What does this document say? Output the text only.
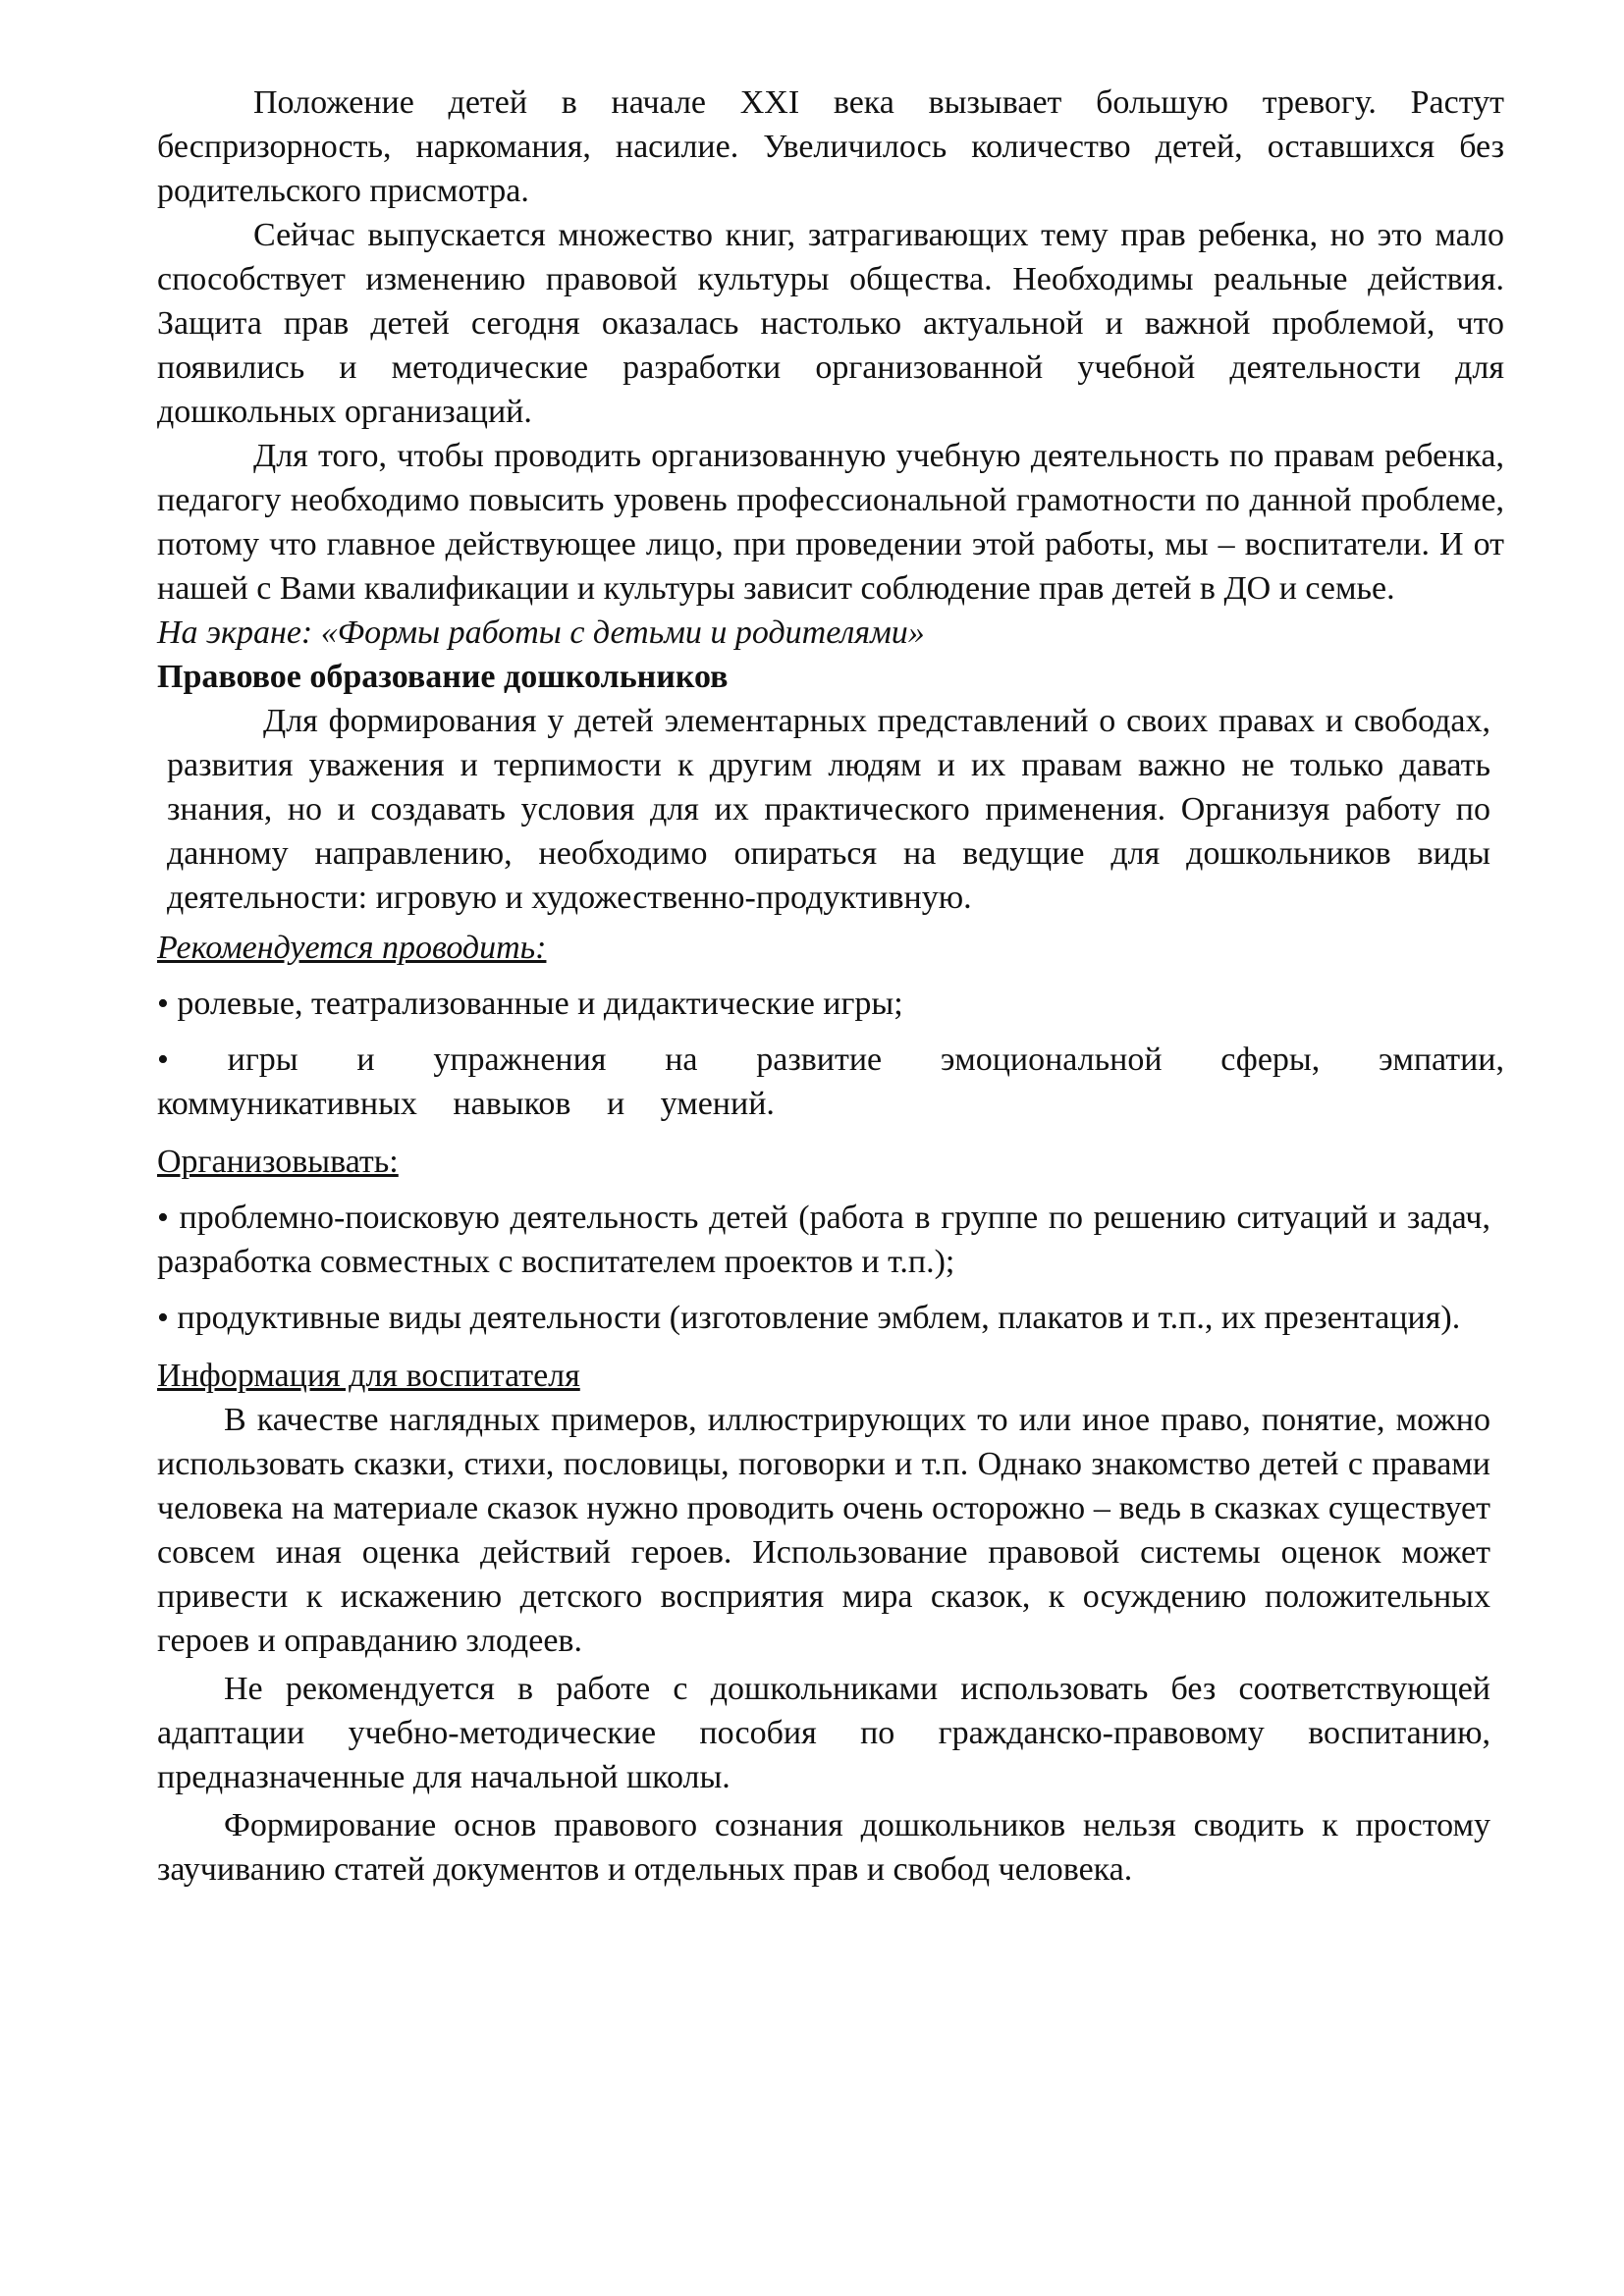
Положение детей в начале XXI века вызывает большую тревогу. Растут беспризорность, наркомания, насилие. Увеличилось количество детей, оставшихся без родительского присмотра.

Сейчас выпускается множество книг, затрагивающих тему прав ребенка, но это мало способствует изменению правовой культуры общества. Необходимы реальные действия. Защита прав детей сегодня оказалась настолько актуальной и важной проблемой, что появились и методические разработки организованной учебной деятельности для дошкольных организаций.

Для того, чтобы проводить организованную учебную деятельность по правам ребенка, педагогу необходимо повысить уровень профессиональной грамотности по данной проблеме, потому что главное действующее лицо, при проведении этой работы, мы – воспитатели. И от нашей с Вами квалификации и культуры зависит соблюдение прав детей в ДО и семье.

На экране: «Формы работы с детьми и родителями»

Правовое образование дошкольников

Для формирования у детей элементарных представлений о своих правах и свободах, развития уважения и терпимости к другим людям и их правам важно не только давать знания, но и создавать условия для их практического применения. Организуя работу по данному направлению, необходимо опираться на ведущие для дошкольников виды деятельности: игровую и художественно-продуктивную.

Рекомендуется проводить:

• ролевые, театрализованные и дидактические игры;

• игры и упражнения на развитие эмоциональной сферы, эмпатии, коммуникативных навыков и умений.

Организовывать:

• проблемно-поисковую деятельность детей (работа в группе по решению ситуаций и задач, разработка совместных с воспитателем проектов и т.п.);

• продуктивные виды деятельности (изготовление эмблем, плакатов и т.п., их презентация).

Информация для воспитателя

В качестве наглядных примеров, иллюстрирующих то или иное право, понятие, можно использовать сказки, стихи, пословицы, поговорки и т.п. Однако знакомство детей с правами человека на материале сказок нужно проводить очень осторожно – ведь в сказках существует совсем иная оценка действий героев. Использование правовой системы оценок может привести к искажению детского восприятия мира сказок, к осуждению положительных героев и оправданию злодеев.

Не рекомендуется в работе с дошкольниками использовать без соответствующей адаптации учебно-методические пособия по гражданско-правовому воспитанию, предназначенные для начальной школы.

Формирование основ правового сознания дошкольников нельзя сводить к простому заучиванию статей документов и отдельных прав и свобод человека.
